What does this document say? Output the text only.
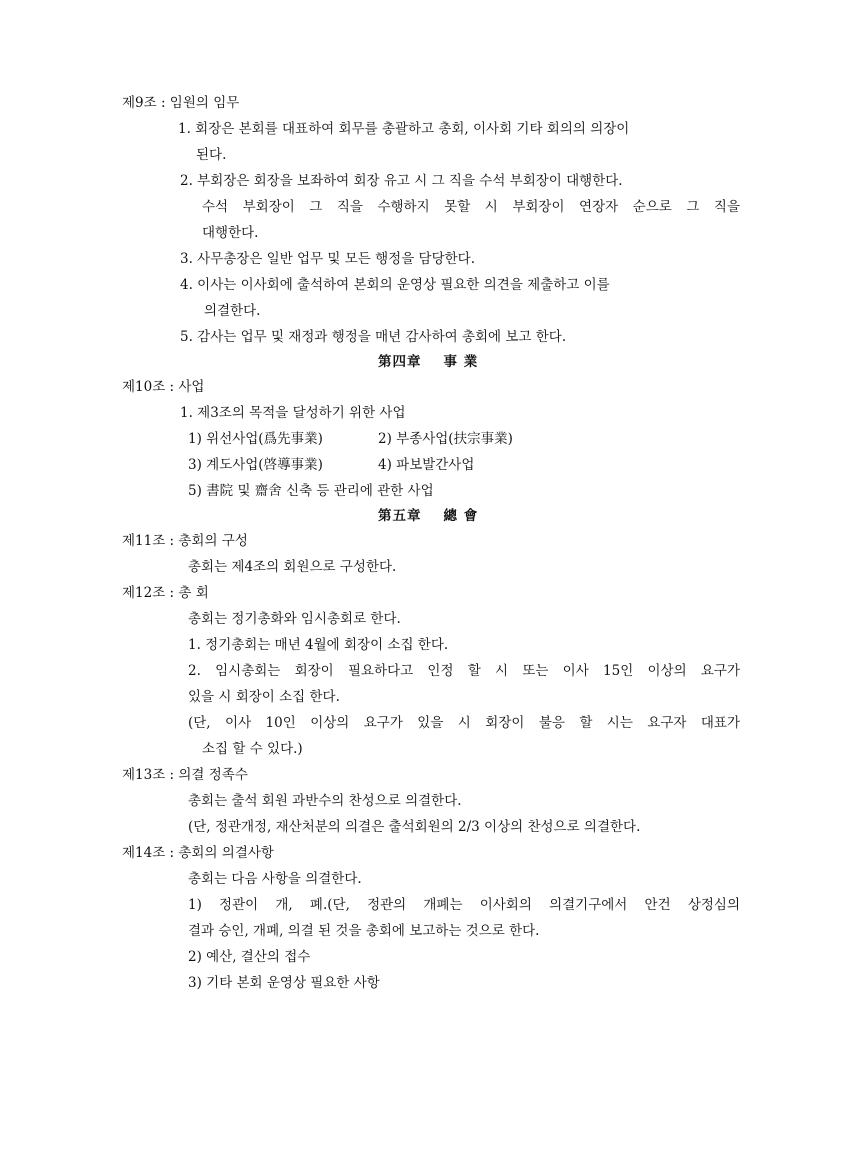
제9조 : 임원의 임무
1. 회장은 본회를 대표하여 회무를 총괄하고 총회, 이사회 기타 회의의 의장이
된다.
2. 부회장은 회장을 보좌하여 회장 유고 시 그 직을 수석 부회장이 대행한다.
수석 부회장이 그 직을 수행하지 못할 시 부회장이 연장자 순으로 그 직을
대행한다.
3. 사무총장은 일반 업무 및 모든 행정을 담당한다.
4. 이사는 이사회에 출석하여 본회의 운영상 필요한 의견을 제출하고 이를
의결한다.
5. 감사는 업무 및 재정과 행정을 매년 감사하여 총회에 보고 한다.
第四章 事 業
제10조 : 사업
1. 제3조의 목적을 달성하기 위한 사업
1) 위선사업(爲先事業)	2) 부종사업(扶宗事業)
3) 계도사업(啓導事業)	4) 파보발간사업
5) 書院 및 齋舍 신축 등 관리에 관한 사업
第五章 總 會
제11조 : 총회의 구성
총회는 제4조의 회원으로 구성한다.
제12조 : 총 회
총회는 정기총화와 임시총회로 한다.
1. 정기총회는 매년 4월에 회장이 소집 한다.
2. 임시총회는 회장이 필요하다고 인정 할 시 또는 이사 15인 이상의 요구가
있을 시 회장이 소집 한다.
(단, 이사 10인 이상의 요구가 있을 시 회장이 불응 할 시는 요구자 대표가
소집 할 수 있다.)
제13조 : 의결 정족수
총회는 출석 회원 과반수의 찬성으로 의결한다.
(단, 정관개정, 재산처분의 의결은 출석회원의 2/3 이상의 찬성으로 의결한다.
제14조 : 총회의 의결사항
총회는 다음 사항을 의결한다.
1) 정관이 개, 폐.(단, 정관의 개폐는 이사회의 의결기구에서 안건 상정심의
결과 승인, 개폐, 의결 된 것을 총회에 보고하는 것으로 한다.
2) 예산, 결산의 접수
3) 기타 본회 운영상 필요한 사항
